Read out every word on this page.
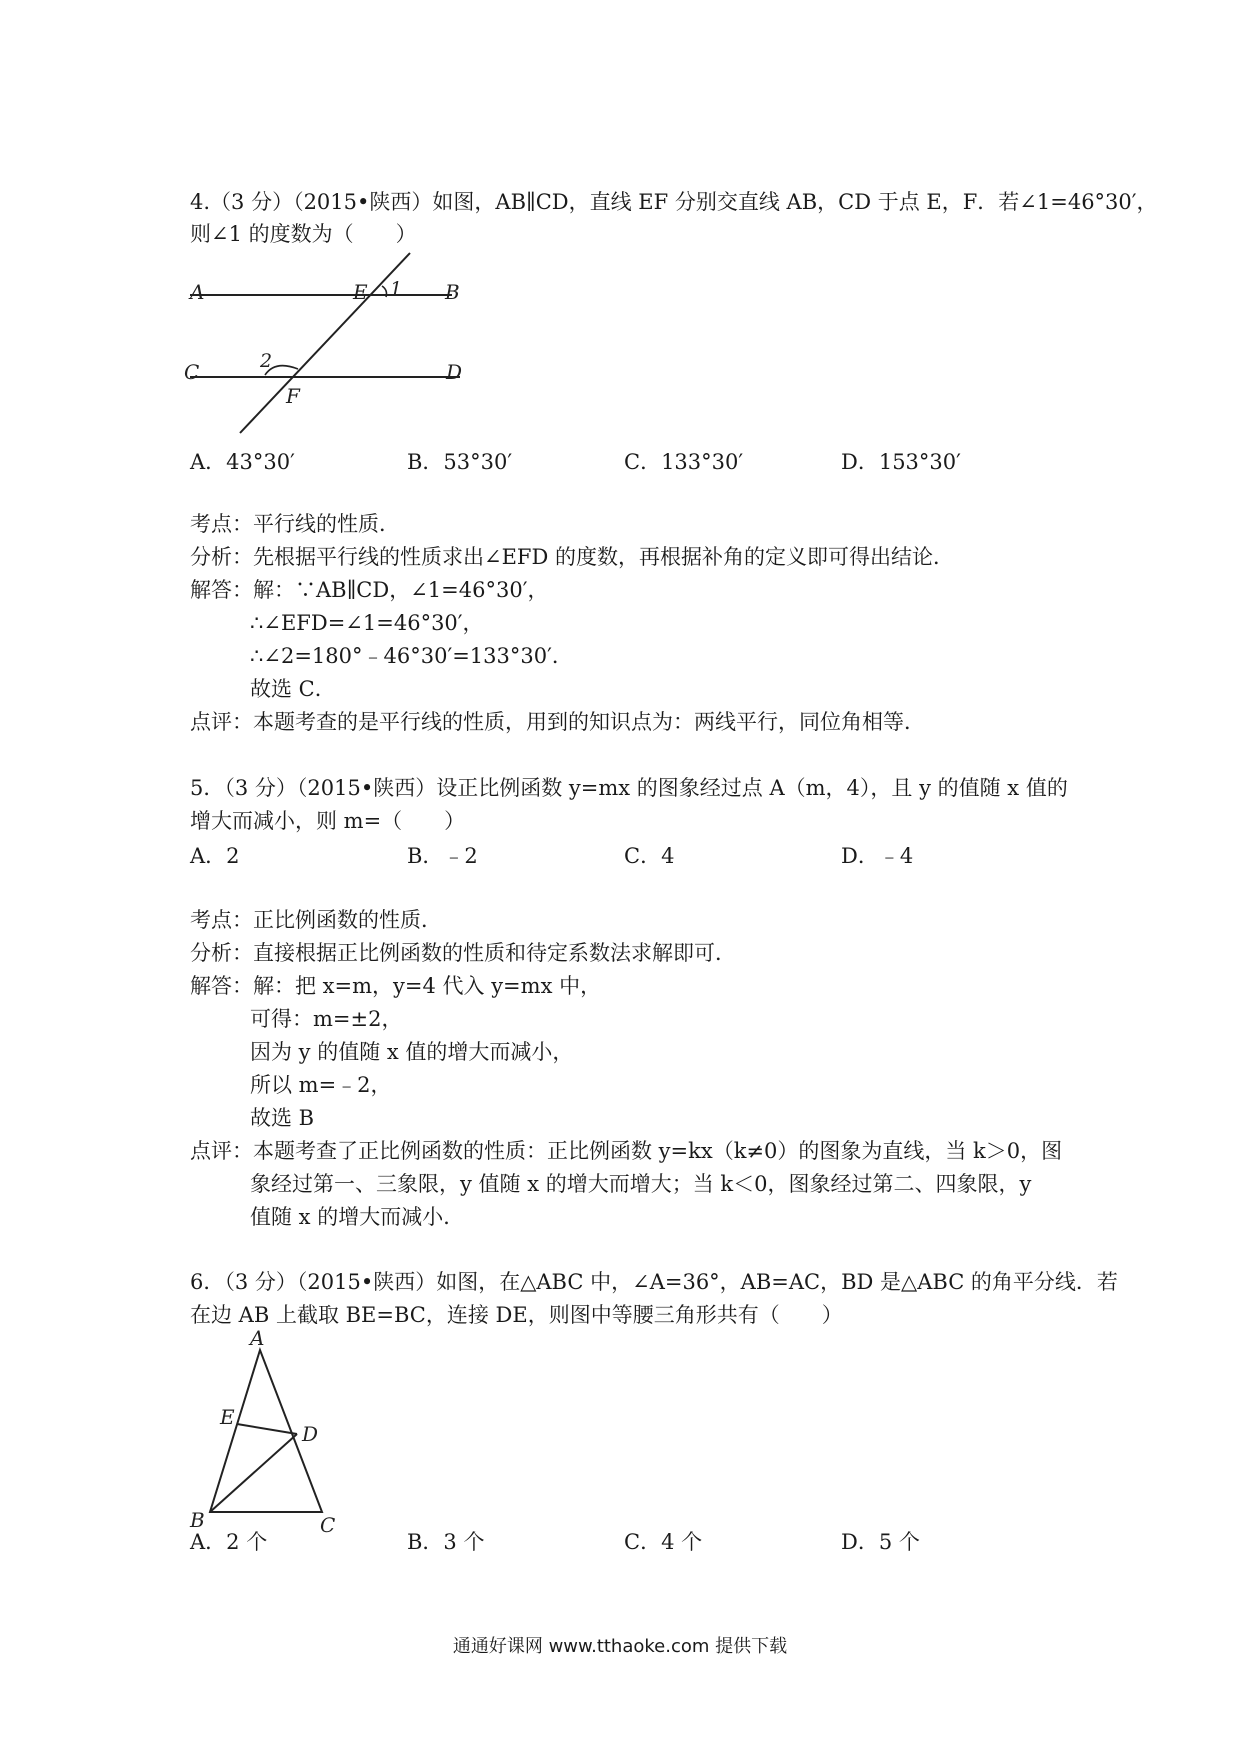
4.（3 分）（2015•陕西）如图，AB∥CD，直线 EF 分别交直线 AB，CD 于点 E，F．若∠1=46°30′，
则∠1 的度数为（　　）
A	E 1 B
C	2	D
F
A．43°30′	B．53°30′	C．133°30′	D．153°30′
考点：平行线的性质．
分析：先根据平行线的性质求出∠EFD 的度数，再根据补角的定义即可得出结论．
解答：解：∵AB∥CD，∠1=46°30′，
∴∠EFD=∠1=46°30′，
∴∠2=180°﹣46°30′=133°30′．
故选 C．
点评：本题考查的是平行线的性质，用到的知识点为：两线平行，同位角相等．
5．（3 分）（2015•陕西）设正比例函数 y=mx 的图象经过点 A（m，4），且 y 的值随 x 值的
增大而减小，则 m=（　　）
A．2	B．﹣2	C．4	D．﹣4
考点：正比例函数的性质．
分析：直接根据正比例函数的性质和待定系数法求解即可．
解答：解：把 x=m，y=4 代入 y=mx 中，
可得：m=±2，
因为 y 的值随 x 值的增大而减小，
所以 m=﹣2，
故选 B
点评：本题考查了正比例函数的性质：正比例函数 y=kx（k≠0）的图象为直线，当 k＞0，图
象经过第一、三象限，y 值随 x 的增大而增大；当 k＜0，图象经过第二、四象限，y
值随 x 的增大而减小．
6．（3 分）（2015•陕西）如图，在△ABC 中，∠A=36°，AB=AC，BD 是△ABC 的角平分线．若
在边 AB 上截取 BE=BC，连接 DE，则图中等腰三角形共有（　　）
A
E
D
B	C
A．2 个	B．3 个	C．4 个	D．5 个
通通好课网 www.tthaoke.com 提供下载
